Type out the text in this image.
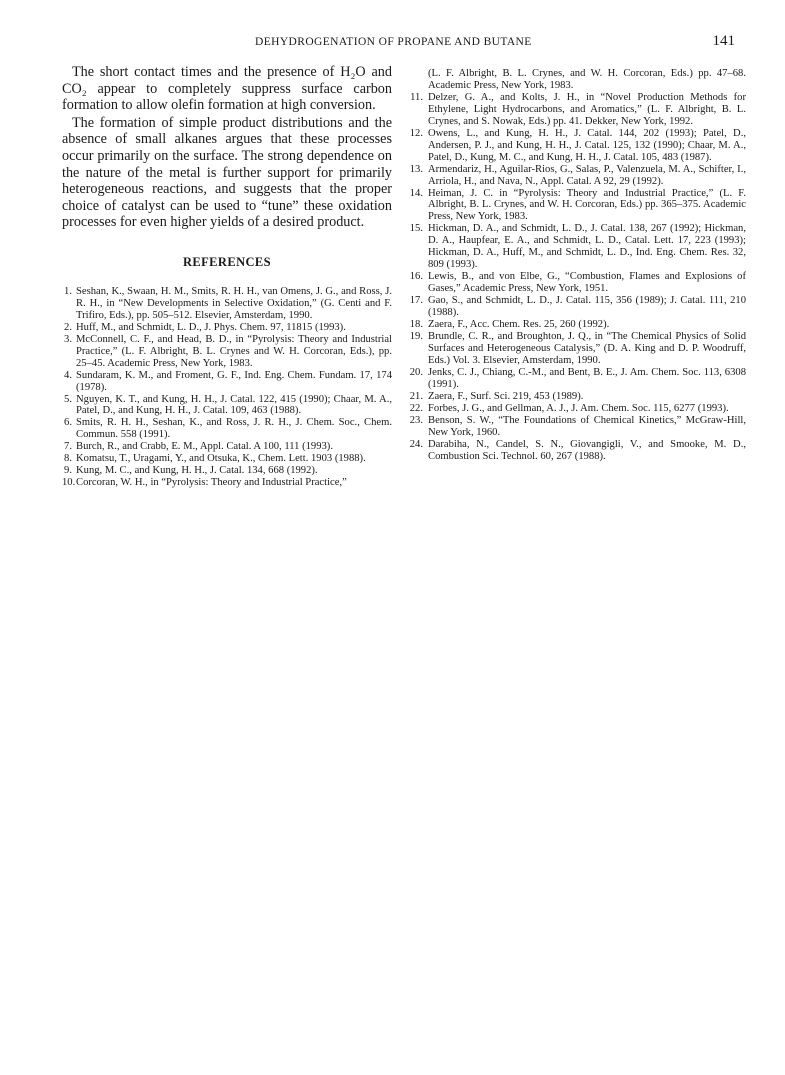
DEHYDROGENATION OF PROPANE AND BUTANE	141

The short contact times and the presence of H₂O and CO₂ appear to completely suppress surface carbon formation to allow olefin formation at high conversion.

The formation of simple product distributions and the absence of small alkanes argues that these processes occur primarily on the surface. The strong dependence on the nature of the metal is further support for primarily heterogeneous reactions, and suggests that the proper choice of catalyst can be used to “tune” these oxidation processes for even higher yields of a desired product.

REFERENCES
1. Seshan, K., Swaan, H. M., Smits, R. H. H., van Omens, J. G., and Ross, J. R. H., in “New Developments in Selective Oxidation,” (G. Centi and F. Trifiro, Eds.), pp. 505–512. Elsevier, Amsterdam, 1990.
2. Huff, M., and Schmidt, L. D., J. Phys. Chem. 97, 11815 (1993).
3. McConnell, C. F., and Head, B. D., in “Pyrolysis: Theory and Industrial Practice,” (L. F. Albright, B. L. Crynes and W. H. Corcoran, Eds.), pp. 25–45. Academic Press, New York, 1983.
4. Sundaram, K. M., and Froment, G. F., Ind. Eng. Chem. Fundam. 17, 174 (1978).
5. Nguyen, K. T., and Kung, H. H., J. Catal. 122, 415 (1990); Chaar, M. A., Patel, D., and Kung, H. H., J. Catal. 109, 463 (1988).
6. Smits, R. H. H., Seshan, K., and Ross, J. R. H., J. Chem. Soc., Chem. Commun. 558 (1991).
7. Burch, R., and Crabb, E. M., Appl. Catal. A 100, 111 (1993).
8. Komatsu, T., Uragami, Y., and Otsuka, K., Chem. Lett. 1903 (1988).
9. Kung, M. C., and Kung, H. H., J. Catal. 134, 668 (1992).
10. Corcoran, W. H., in “Pyrolysis: Theory and Industrial Practice,”
(L. F. Albright, B. L. Crynes, and W. H. Corcoran, Eds.) pp. 47–68. Academic Press, New York, 1983.
11. Delzer, G. A., and Kolts, J. H., in “Novel Production Methods for Ethylene, Light Hydrocarbons, and Aromatics,” (L. F. Albright, B. L. Crynes, and S. Nowak, Eds.) pp. 41. Dekker, New York, 1992.
12. Owens, L., and Kung, H. H., J. Catal. 144, 202 (1993); Patel, D., Andersen, P. J., and Kung, H. H., J. Catal. 125, 132 (1990); Chaar, M. A., Patel, D., Kung, M. C., and Kung, H. H., J. Catal. 105, 483 (1987).
13. Armendariz, H., Aguilar-Rios, G., Salas, P., Valenzuela, M. A., Schifter, I., Arriola, H., and Nava, N., Appl. Catal. A 92, 29 (1992).
14. Heiman, J. C. in “Pyrolysis: Theory and Industrial Practice,” (L. F. Albright, B. L. Crynes, and W. H. Corcoran, Eds.) pp. 365–375. Academic Press, New York, 1983.
15. Hickman, D. A., and Schmidt, L. D., J. Catal. 138, 267 (1992); Hickman, D. A., Haupfear, E. A., and Schmidt, L. D., Catal. Lett. 17, 223 (1993); Hickman, D. A., Huff, M., and Schmidt, L. D., Ind. Eng. Chem. Res. 32, 809 (1993).
16. Lewis, B., and von Elbe, G., “Combustion, Flames and Explosions of Gases,” Academic Press, New York, 1951.
17. Gao, S., and Schmidt, L. D., J. Catal. 115, 356 (1989); J. Catal. 111, 210 (1988).
18. Zaera, F., Acc. Chem. Res. 25, 260 (1992).
19. Brundle, C. R., and Broughton, J. Q., in “The Chemical Physics of Solid Surfaces and Heterogeneous Catalysis,” (D. A. King and D. P. Woodruff, Eds.) Vol. 3. Elsevier, Amsterdam, 1990.
20. Jenks, C. J., Chiang, C.-M., and Bent, B. E., J. Am. Chem. Soc. 113, 6308 (1991).
21. Zaera, F., Surf. Sci. 219, 453 (1989).
22. Forbes, J. G., and Gellman, A. J., J. Am. Chem. Soc. 115, 6277 (1993).
23. Benson, S. W., “The Foundations of Chemical Kinetics,” McGraw-Hill, New York, 1960.
24. Darabiha, N., Candel, S. N., Giovangigli, V., and Smooke, M. D., Combustion Sci. Technol. 60, 267 (1988).
